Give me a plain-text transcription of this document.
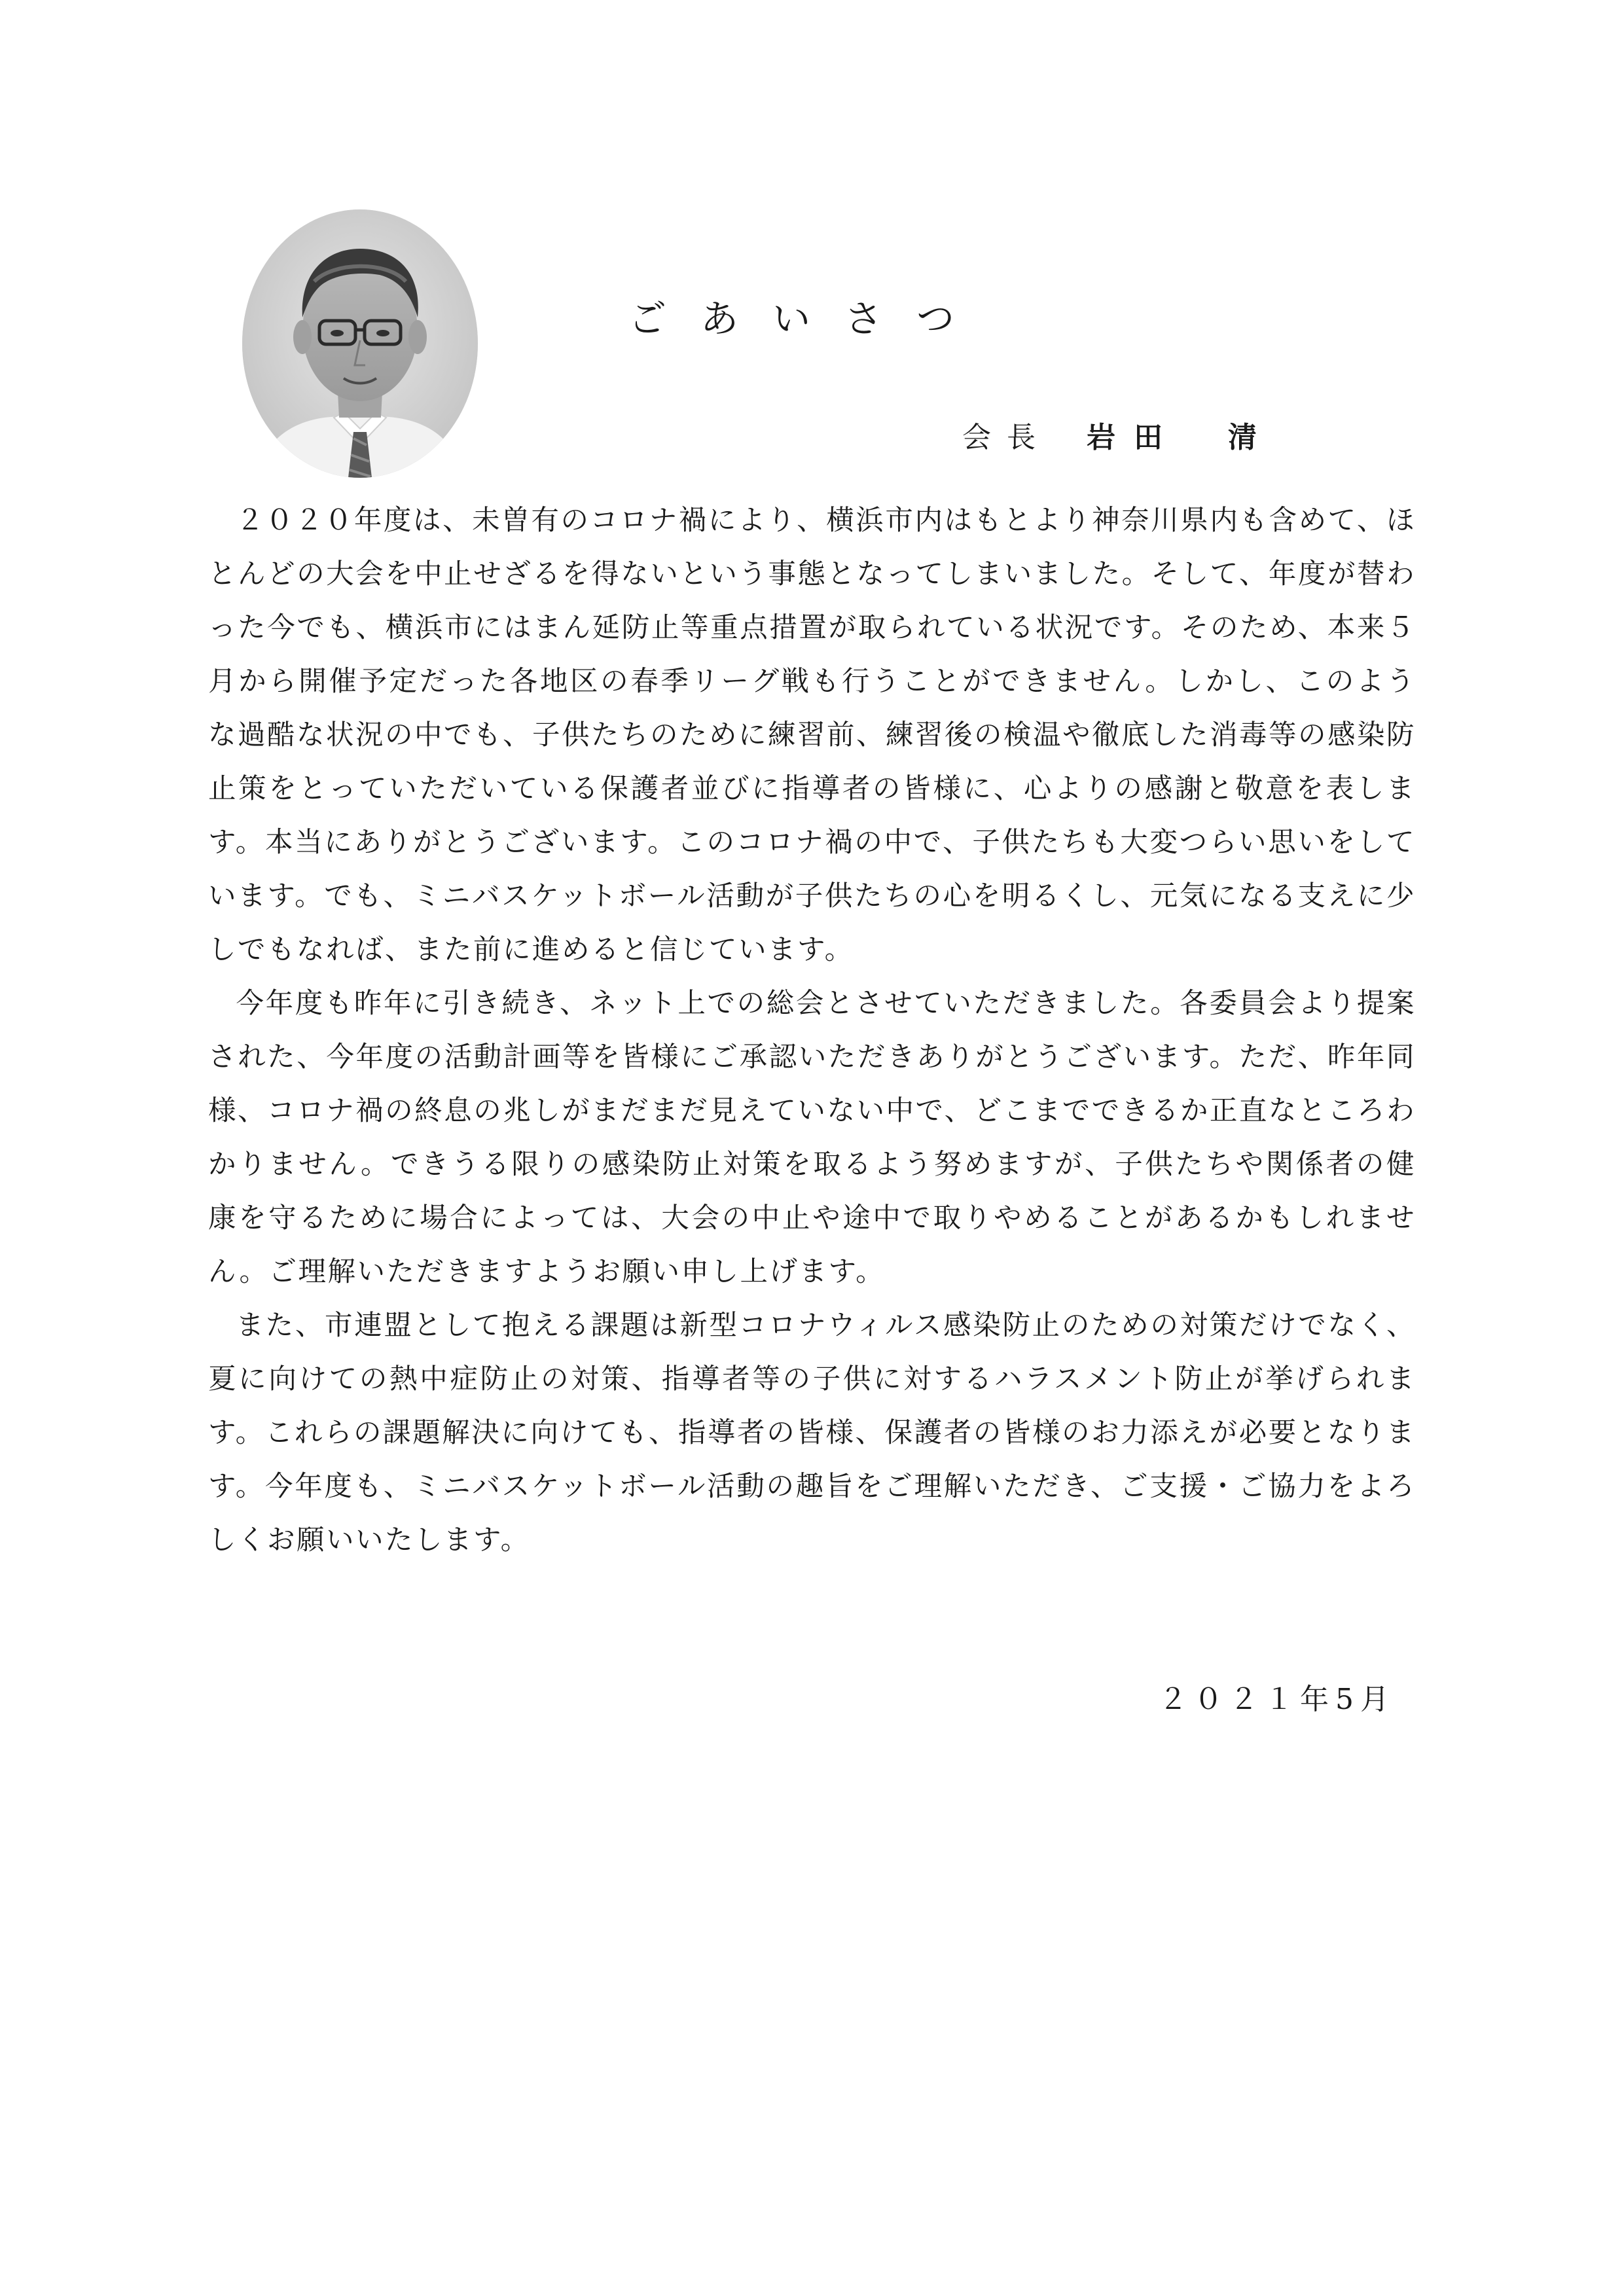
ごあいさつ
会長 岩田　清

２０２０年度は、未曽有のコロナ禍により、横浜市内はもとより神奈川県内も含めて、ほとんどの大会を中止せざるを得ないという事態となってしまいました。そして、年度が替わった今でも、横浜市にはまん延防止等重点措置が取られている状況です。そのため、本来５月から開催予定だった各地区の春季リーグ戦も行うことができません。しかし、このような過酷な状況の中でも、子供たちのために練習前、練習後の検温や徹底した消毒等の感染防止策をとっていただいている保護者並びに指導者の皆様に、心よりの感謝と敬意を表します。本当にありがとうございます。このコロナ禍の中で、子供たちも大変つらい思いをしています。でも、ミニバスケットボール活動が子供たちの心を明るくし、元気になる支えに少しでもなれば、また前に進めると信じています。

今年度も昨年に引き続き、ネット上での総会とさせていただきました。各委員会より提案された、今年度の活動計画等を皆様にご承認いただきありがとうございます。ただ、昨年同様、コロナ禍の終息の兆しがまだまだ見えていない中で、どこまでできるか正直なところわかりません。できうる限りの感染防止対策を取るよう努めますが、子供たちや関係者の健康を守るために場合によっては、大会の中止や途中で取りやめることがあるかもしれません。ご理解いただきますようお願い申し上げます。

また、市連盟として抱える課題は新型コロナウィルス感染防止のための対策だけでなく、夏に向けての熱中症防止の対策、指導者等の子供に対するハラスメント防止が挙げられます。これらの課題解決に向けても、指導者の皆様、保護者の皆様のお力添えが必要となります。今年度も、ミニバスケットボール活動の趣旨をご理解いただき、ご支援・ご協力をよろしくお願いいたします。

２０２１年5月
